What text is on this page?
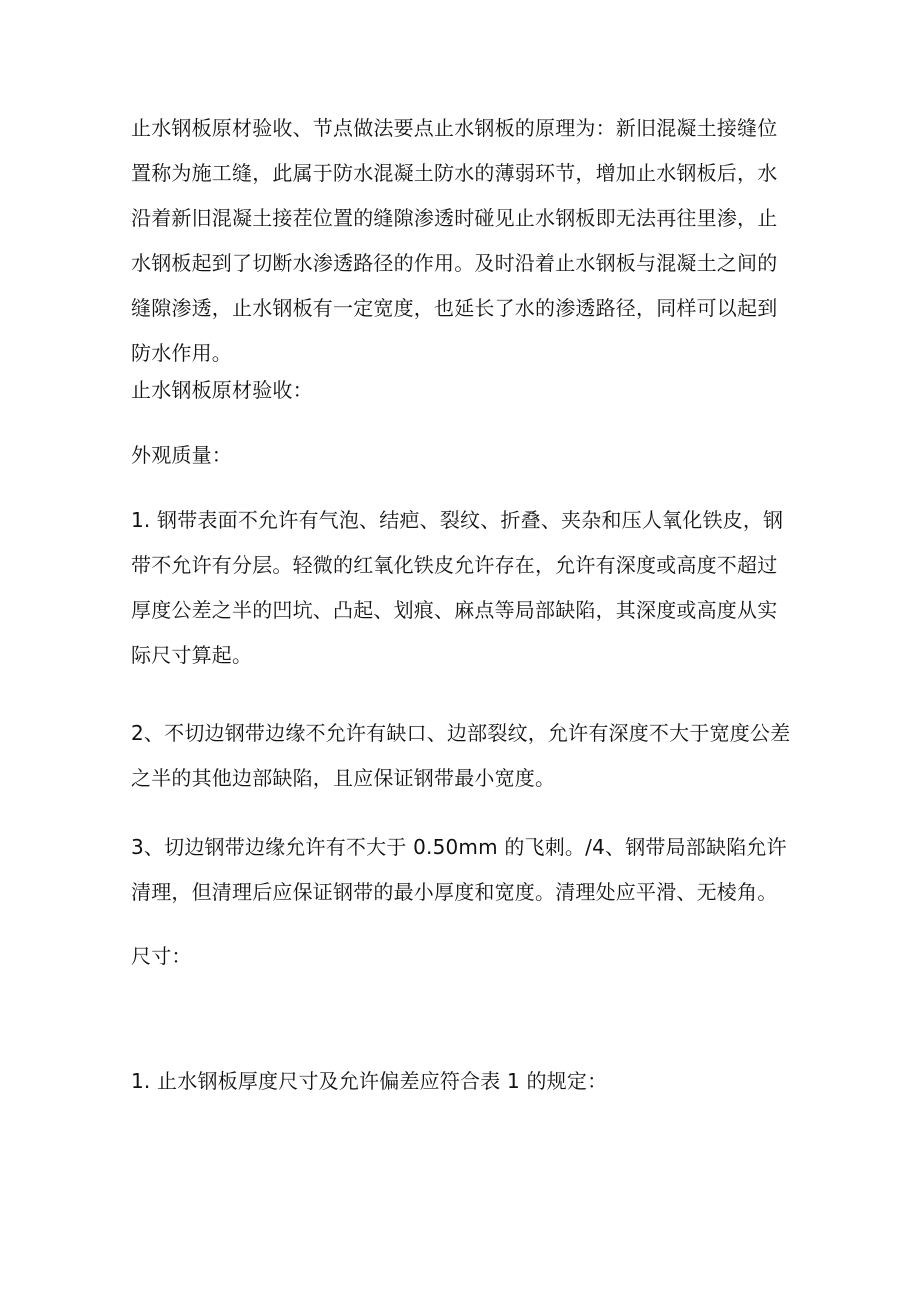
止水钢板原材验收、节点做法要点止水钢板的原理为：新旧混凝土接缝位置称为施工缝，此属于防水混凝土防水的薄弱环节，增加止水钢板后，水沿着新旧混凝土接茬位置的缝隙渗透时碰见止水钢板即无法再往里渗，止水钢板起到了切断水渗透路径的作用。及时沿着止水钢板与混凝土之间的缝隙渗透，止水钢板有一定宽度，也延长了水的渗透路径，同样可以起到防水作用。

止水钢板原材验收：

外观质量：

1. 钢带表面不允许有气泡、结疤、裂纹、折叠、夹杂和压人氧化铁皮，钢带不允许有分层。轻微的红氧化铁皮允许存在，允许有深度或高度不超过厚度公差之半的凹坑、凸起、划痕、麻点等局部缺陷，其深度或高度从实际尺寸算起。

2、不切边钢带边缘不允许有缺口、边部裂纹，允许有深度不大于宽度公差之半的其他边部缺陷，且应保证钢带最小宽度。

3、切边钢带边缘允许有不大于 0.50mm 的飞刺。/4、钢带局部缺陷允许清理，但清理后应保证钢带的最小厚度和宽度。清理处应平滑、无棱角。

尺寸：

1. 止水钢板厚度尺寸及允许偏差应符合表 1 的规定：
